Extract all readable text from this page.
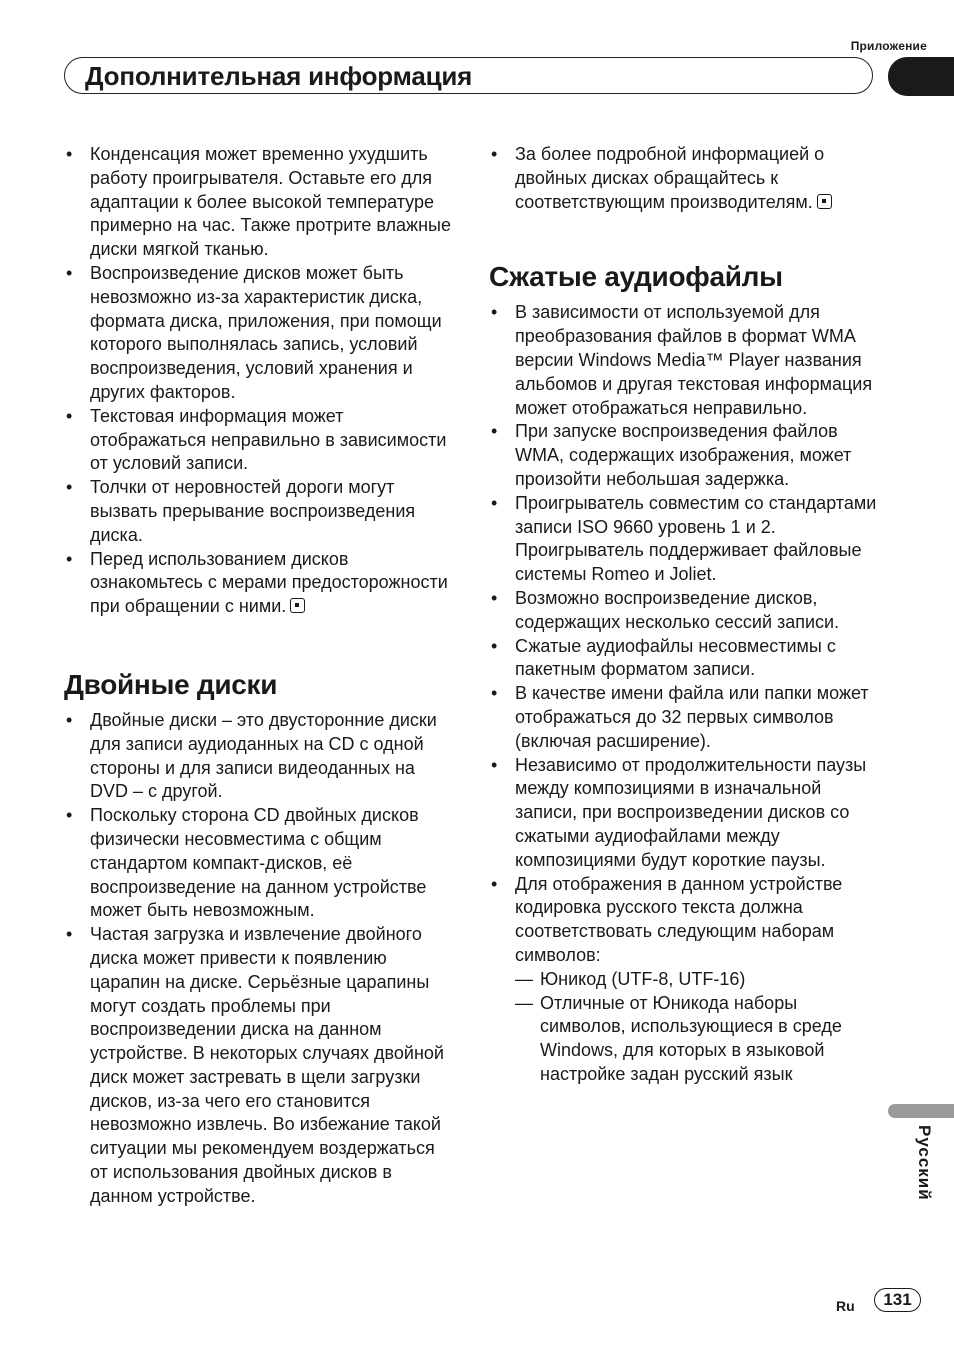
Приложение
Дополнительная информация
• Конденсация может временно ухудшить работу проигрывателя. Оставьте его для адаптации к более высокой температуре примерно на час. Также протрите влажные диски мягкой тканью.
• Воспроизведение дисков может быть невозможно из-за характеристик диска, формата диска, приложения, при помощи которого выполнялась запись, условий воспроизведения, условий хранения и других факторов.
• Текстовая информация может отображаться неправильно в зависимости от условий записи.
• Толчки от неровностей дороги могут вызвать прерывание воспроизведения диска.
• Перед использованием дисков ознакомьтесь с мерами предосторожности при обращении с ними.
Двойные диски
• Двойные диски – это двусторонние диски для записи аудиоданных на CD с одной стороны и для записи видеоданных на DVD – с другой.
• Поскольку сторона CD двойных дисков физически несовместима с общим стандартом компакт-дисков, её воспроизведение на данном устройстве может быть невозможным.
• Частая загрузка и извлечение двойного диска может привести к появлению царапин на диске. Серьёзные царапины могут создать проблемы при воспроизведении диска на данном устройстве. В некоторых случаях двойной диск может застревать в щели загрузки дисков, из-за чего его становится невозможно извлечь. Во избежание такой ситуации мы рекомендуем воздержаться от использования двойных дисков в данном устройстве.
• За более подробной информацией о двойных дисках обращайтесь к соответствующим производителям.
Сжатые аудиофайлы
• В зависимости от используемой для преобразования файлов в формат WMA версии Windows Media™ Player названия альбомов и другая текстовая информация может отображаться неправильно.
• При запуске воспроизведения файлов WMA, содержащих изображения, может произойти небольшая задержка.
• Проигрыватель совместим со стандартами записи ISO 9660 уровень 1 и 2. Проигрыватель поддерживает файловые системы Romeo и Joliet.
• Возможно воспроизведение дисков, содержащих несколько сессий записи.
• Сжатые аудиофайлы несовместимы с пакетным форматом записи.
• В качестве имени файла или папки может отображаться до 32 первых символов (включая расширение).
• Независимо от продолжительности паузы между композициями в изначальной записи, при воспроизведении дисков со сжатыми аудиофайлами между композициями будут короткие паузы.
• Для отображения в данном устройстве кодировка русского текста должна соответствовать следующим наборам символов:
— Юникод (UTF-8, UTF-16)
— Отличные от Юникода наборы символов, использующиеся в среде Windows, для которых в языковой настройке задан русский язык
Русский
Ru	131
